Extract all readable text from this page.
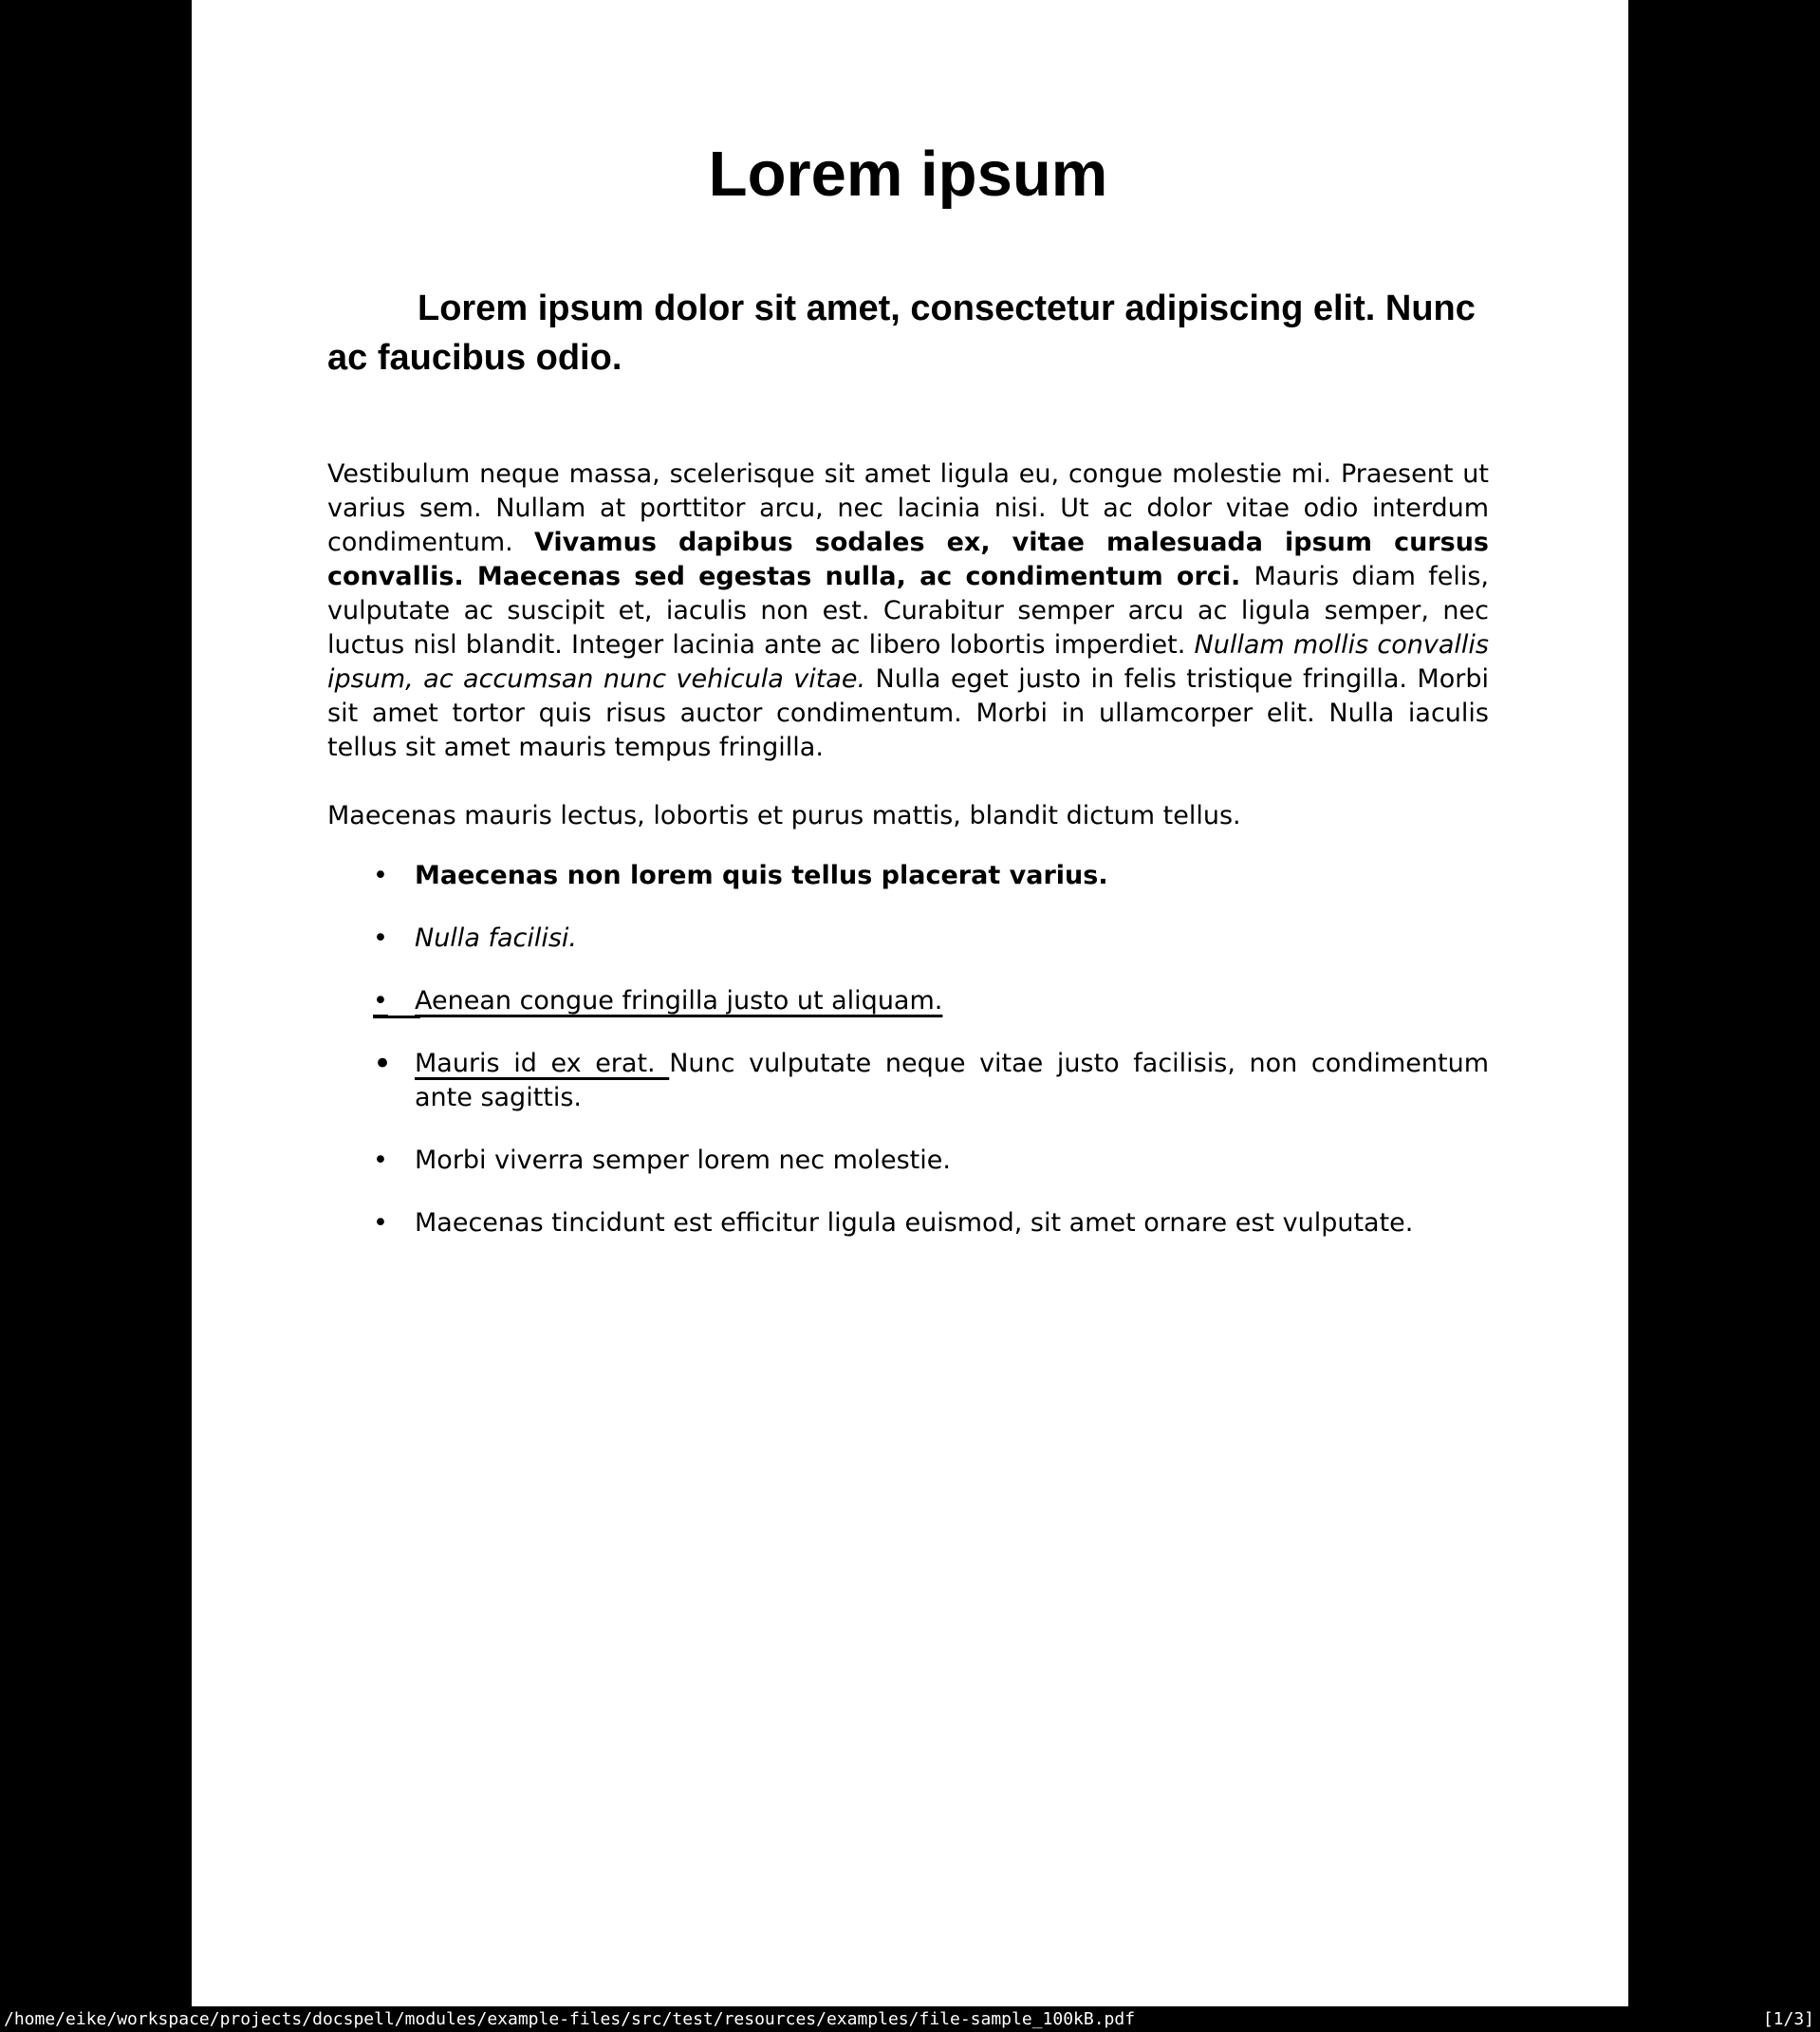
Lorem ipsum
Lorem ipsum dolor sit amet, consectetur adipiscing elit. Nunc ac faucibus odio.

Vestibulum neque massa, scelerisque sit amet ligula eu, congue molestie mi. Praesent ut varius sem. Nullam at porttitor arcu, nec lacinia nisi. Ut ac dolor vitae odio interdum condimentum. Vivamus dapibus sodales ex, vitae malesuada ipsum cursus convallis. Maecenas sed egestas nulla, ac condimentum orci. Mauris diam felis, vulputate ac suscipit et, iaculis non est. Curabitur semper arcu ac ligula semper, nec luctus nisl blandit. Integer lacinia ante ac libero lobortis imperdiet. Nullam mollis convallis ipsum, ac accumsan nunc vehicula vitae. Nulla eget justo in felis tristique fringilla. Morbi sit amet tortor quis risus auctor condimentum. Morbi in ullamcorper elit. Nulla iaculis tellus sit amet mauris tempus fringilla.

Maecenas mauris lectus, lobortis et purus mattis, blandit dictum tellus.

•	Maecenas non lorem quis tellus placerat varius.
•	Nulla facilisi.
•	Aenean congue fringilla justo ut aliquam.
• Mauris id ex erat. Nunc vulputate neque vitae justo facilisis, non condimentum ante sagittis.
•	Morbi viverra semper lorem nec molestie.
•	Maecenas tincidunt est efficitur ligula euismod, sit amet ornare est vulputate.
/home/eike/workspace/projects/docspell/modules/example-files/src/test/resources/examples/file-sample_100kB.pdf	[1/3]
